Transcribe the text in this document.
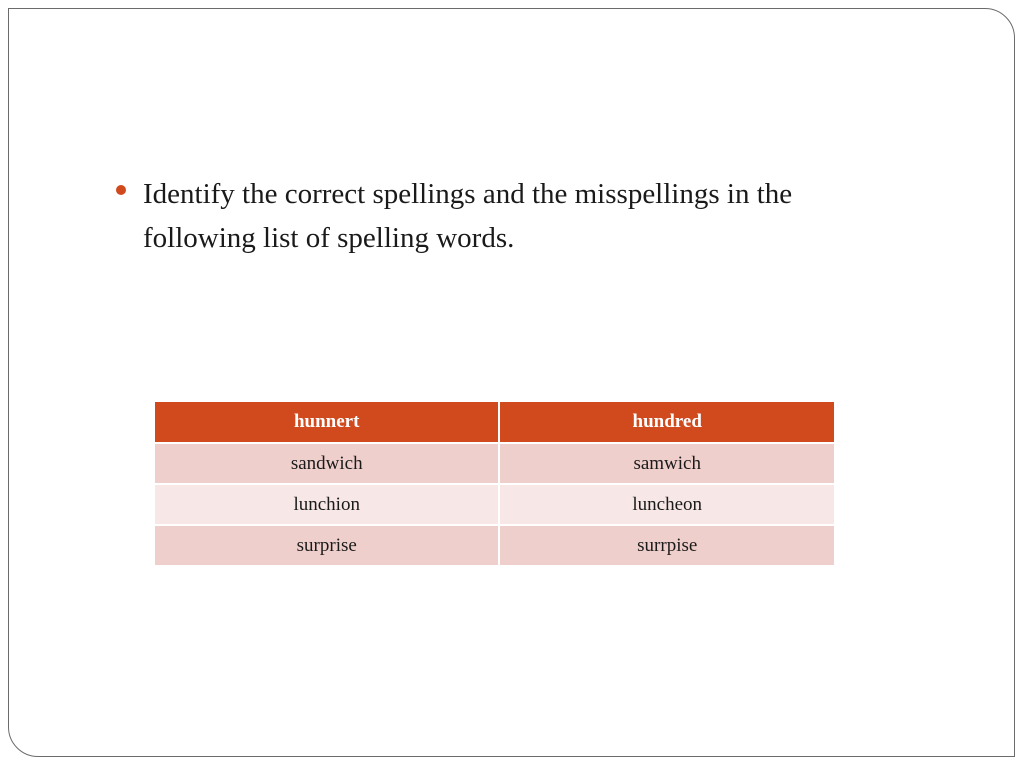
Identify the correct spellings and the misspellings in the following list of spelling words.

hunnert	hundred
sandwich	samwich
lunchion	luncheon
surprise	surrpise
